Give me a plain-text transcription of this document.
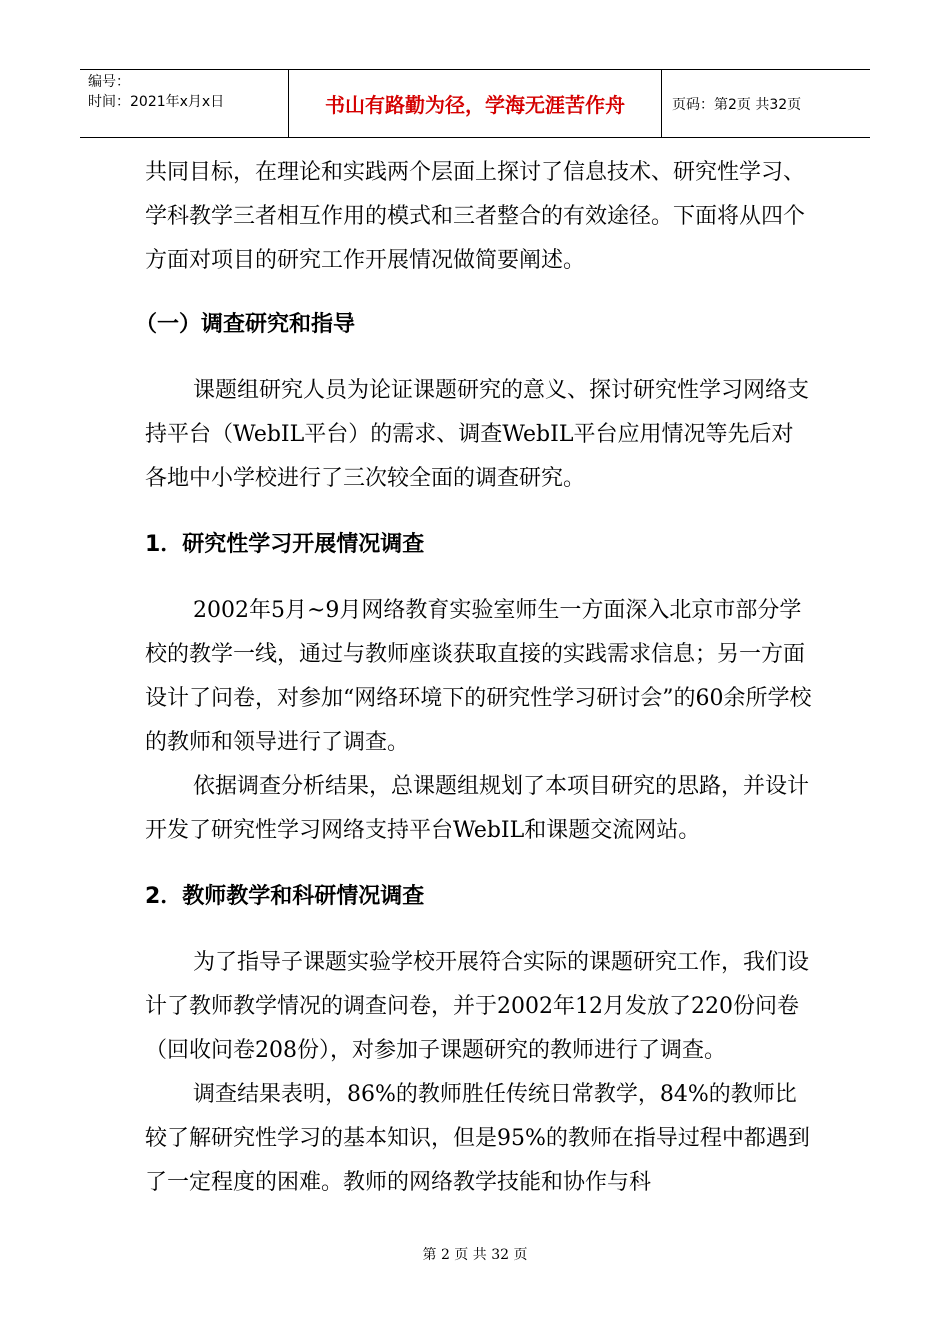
编号：
时间：2021年x月x日	书山有路勤为径，学海无涯苦作舟	页码：第2页 共32页

共同目标，在理论和实践两个层面上探讨了信息技术、研究性学习、学科教学三者相互作用的模式和三者整合的有效途径。下面将从四个方面对项目的研究工作开展情况做简要阐述。

（一）调查研究和指导

课题组研究人员为论证课题研究的意义、探讨研究性学习网络支持平台（WebIL平台）的需求、调查WebIL平台应用情况等先后对各地中小学校进行了三次较全面的调查研究。

1．研究性学习开展情况调查

2002年5月~9月网络教育实验室师生一方面深入北京市部分学校的教学一线，通过与教师座谈获取直接的实践需求信息；另一方面设计了问卷，对参加“网络环境下的研究性学习研讨会”的60余所学校的教师和领导进行了调查。

依据调查分析结果，总课题组规划了本项目研究的思路，并设计开发了研究性学习网络支持平台WebIL和课题交流网站。

2．教师教学和科研情况调查

为了指导子课题实验学校开展符合实际的课题研究工作，我们设计了教师教学情况的调查问卷，并于2002年12月发放了220份问卷（回收问卷208份），对参加子课题研究的教师进行了调查。

调查结果表明，86%的教师胜任传统日常教学，84%的教师比较了解研究性学习的基本知识，但是95%的教师在指导过程中都遇到了一定程度的困难。教师的网络教学技能和协作与科

第 2 页 共 32 页
